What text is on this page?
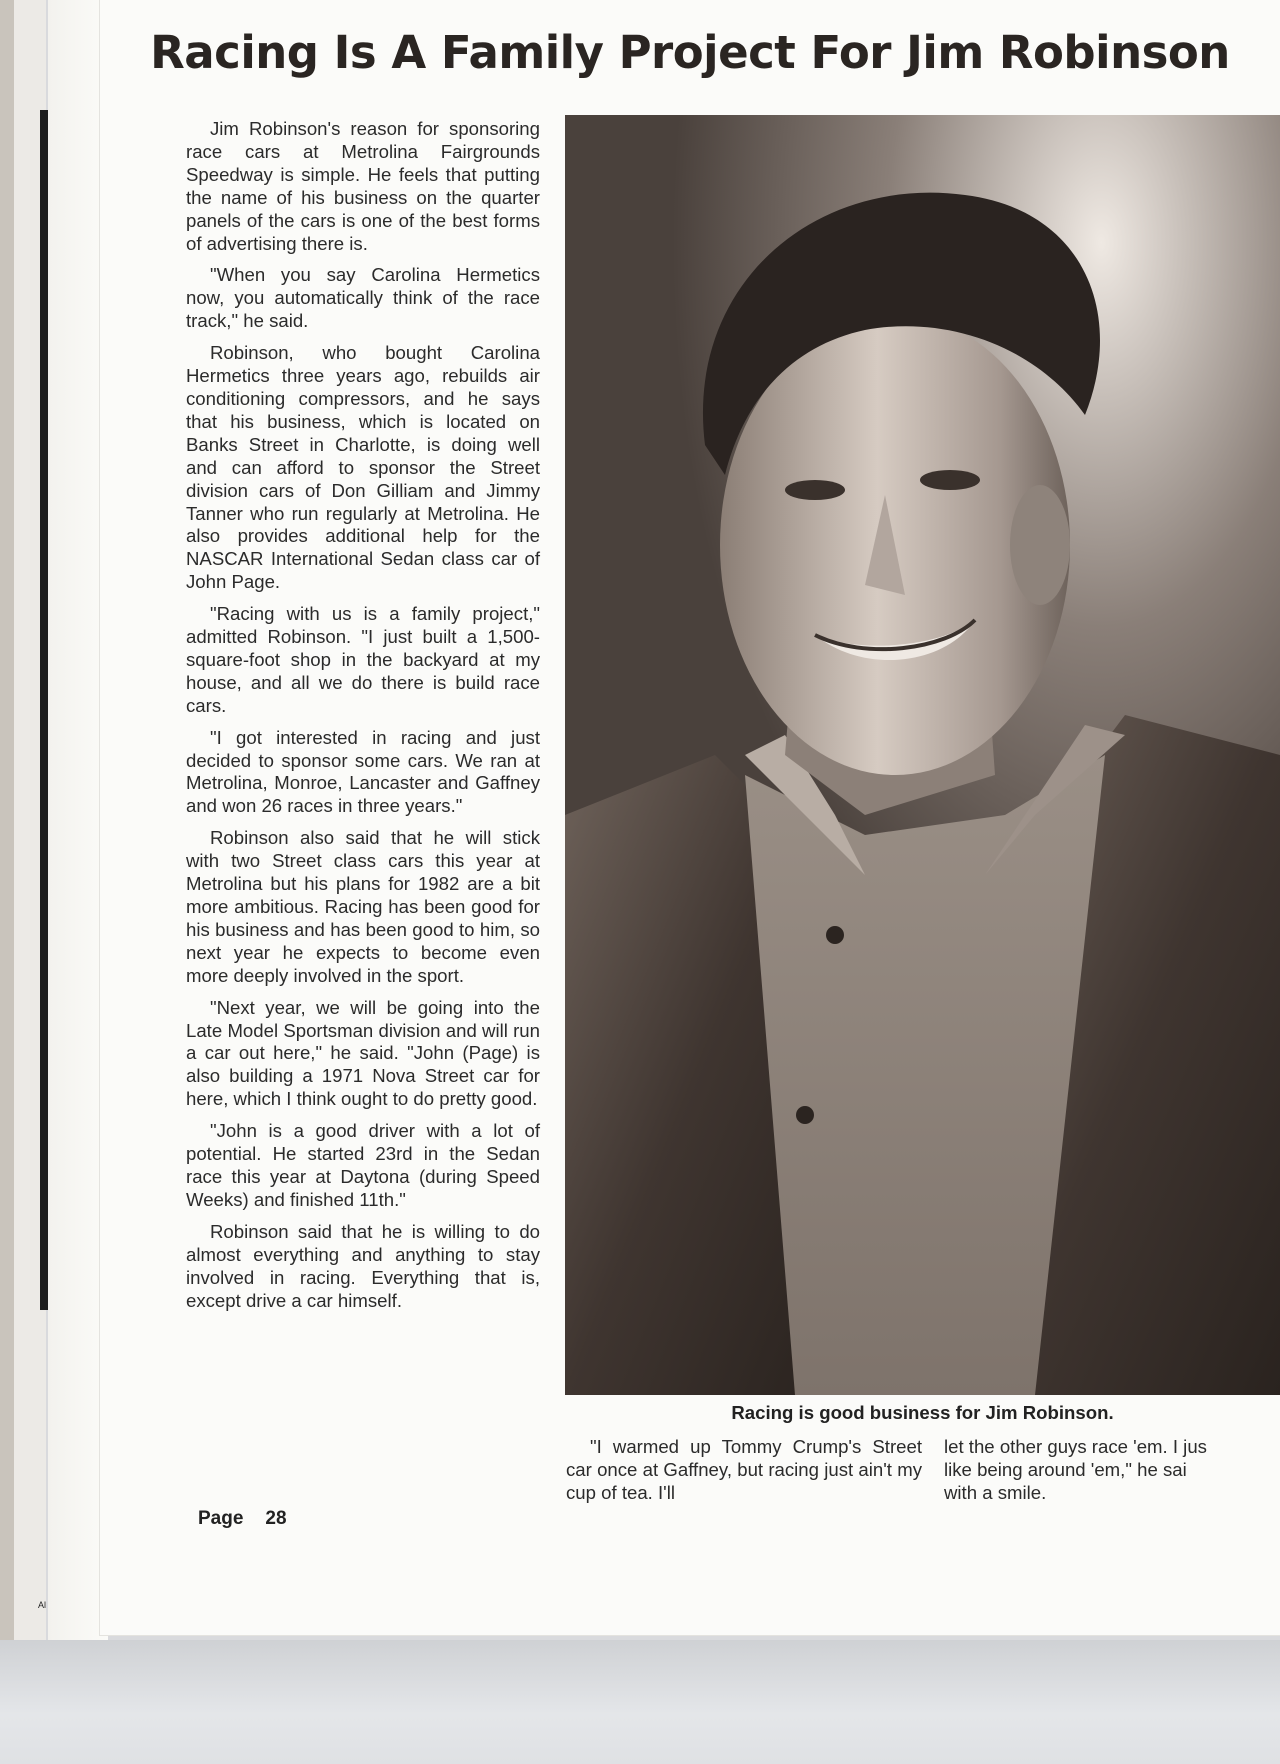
Al
Racing Is A Family Project For Jim Robinson

Jim Robinson's reason for sponsoring race cars at Metrolina Fairgrounds Speedway is simple. He feels that putting the name of his business on the quarter panels of the cars is one of the best forms of advertising there is.

"When you say Carolina Hermetics now, you automatically think of the race track," he said.

Robinson, who bought Carolina Hermetics three years ago, rebuilds air conditioning compressors, and he says that his business, which is located on Banks Street in Charlotte, is doing well and can afford to sponsor the Street division cars of Don Gilliam and Jimmy Tanner who run regularly at Metrolina. He also provides additional help for the NASCAR International Sedan class car of John Page.

"Racing with us is a family project," admitted Robinson. "I just built a 1,500-square-foot shop in the backyard at my house, and all we do there is build race cars.

"I got interested in racing and just decided to sponsor some cars. We ran at Metrolina, Monroe, Lancaster and Gaffney and won 26 races in three years."

Robinson also said that he will stick with two Street class cars this year at Metrolina but his plans for 1982 are a bit more ambitious. Racing has been good for his business and has been good to him, so next year he expects to become even more deeply involved in the sport.

"Next year, we will be going into the Late Model Sportsman division and will run a car out here," he said. "John (Page) is also building a 1971 Nova Street car for here, which I think ought to do pretty good.

"John is a good driver with a lot of potential. He started 23rd in the Sedan race this year at Daytona (during Speed Weeks) and finished 11th."

Robinson said that he is willing to do almost everything and anything to stay involved in racing. Everything that is, except drive a car himself.

Racing is good business for Jim Robinson.

"I warmed up Tommy Crump's Street car once at Gaffney, but racing just ain't my cup of tea. I'll

let the other guys race 'em. I jus

like being around 'em," he sai

with a smile.

Page 28
